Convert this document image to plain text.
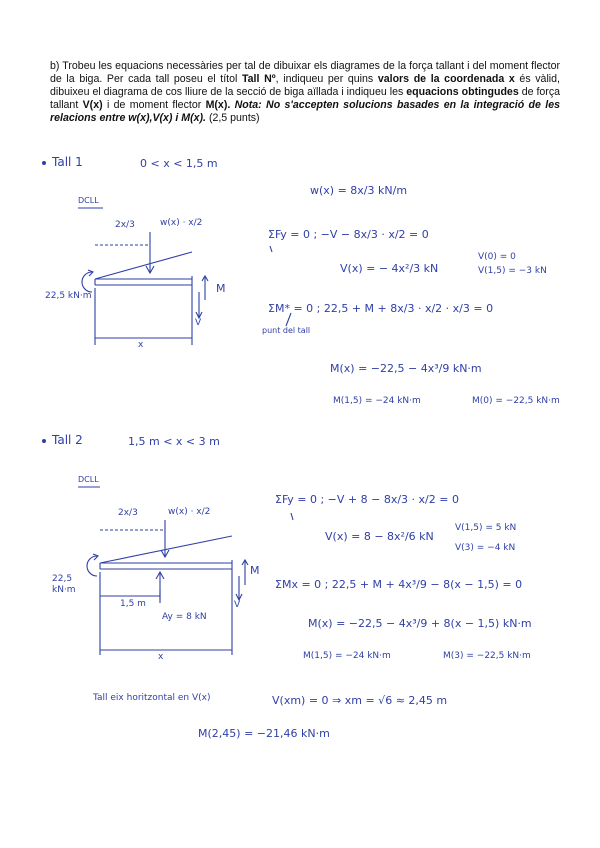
b) Trobeu les equacions necessàries per tal de dibuixar els diagrames de la força tallant i del moment flector de la biga. Per cada tall poseu el títol Tall Nº, indiqueu per quins valors de la coordenada x és vàlid, dibuixeu el diagrama de cos lliure de la secció de biga aïllada i indiqueu les equacions obtingudes de força tallant V(x) i de moment flector M(x). Nota: No s'accepten solucions basades en la integració de les relacions entre w(x),V(x) i M(x). (2,5 punts)
Tall 1	0 < x < 1,5 m
DCLL
2x/3	w(x) · x/2
22,5 kN·m
M
V
x
w(x) = 8x/3 kN/m
ΣFy = 0 ; −V − 8x/3 · x/2 = 0
V(x) = − 4x²/3 kN
V(0) = 0
V(1,5) = −3 kN
ΣM* = 0 ; 22,5 + M + 8x/3 · x/2 · x/3 = 0
punt del tall
M(x) = −22,5 − 4x³/9 kN·m
M(1,5) = −24 kN·m	M(0) = −22,5 kN·m
Tall 2	1,5 m < x < 3 m
DCLL
2x/3	w(x) · x/2
22,5 kN·m
M
V
1,5 m
Ay = 8 kN
x
ΣFy = 0 ; −V + 8 − 8x/3 · x/2 = 0
V(x) = 8 − 8x²/6 kN
V(1,5) = 5 kN
V(3) = −4 kN
ΣMx = 0 ; 22,5 + M + 4x³/9 − 8(x − 1,5) = 0
M(x) = −22,5 − 4x³/9 + 8(x − 1,5) kN·m
M(1,5) = −24 kN·m	M(3) = −22,5 kN·m
Tall eix horitzontal en V(x)	V(xm) = 0 ⇒ xm = √6 ≈ 2,45 m
M(2,45) = −21,46 kN·m
